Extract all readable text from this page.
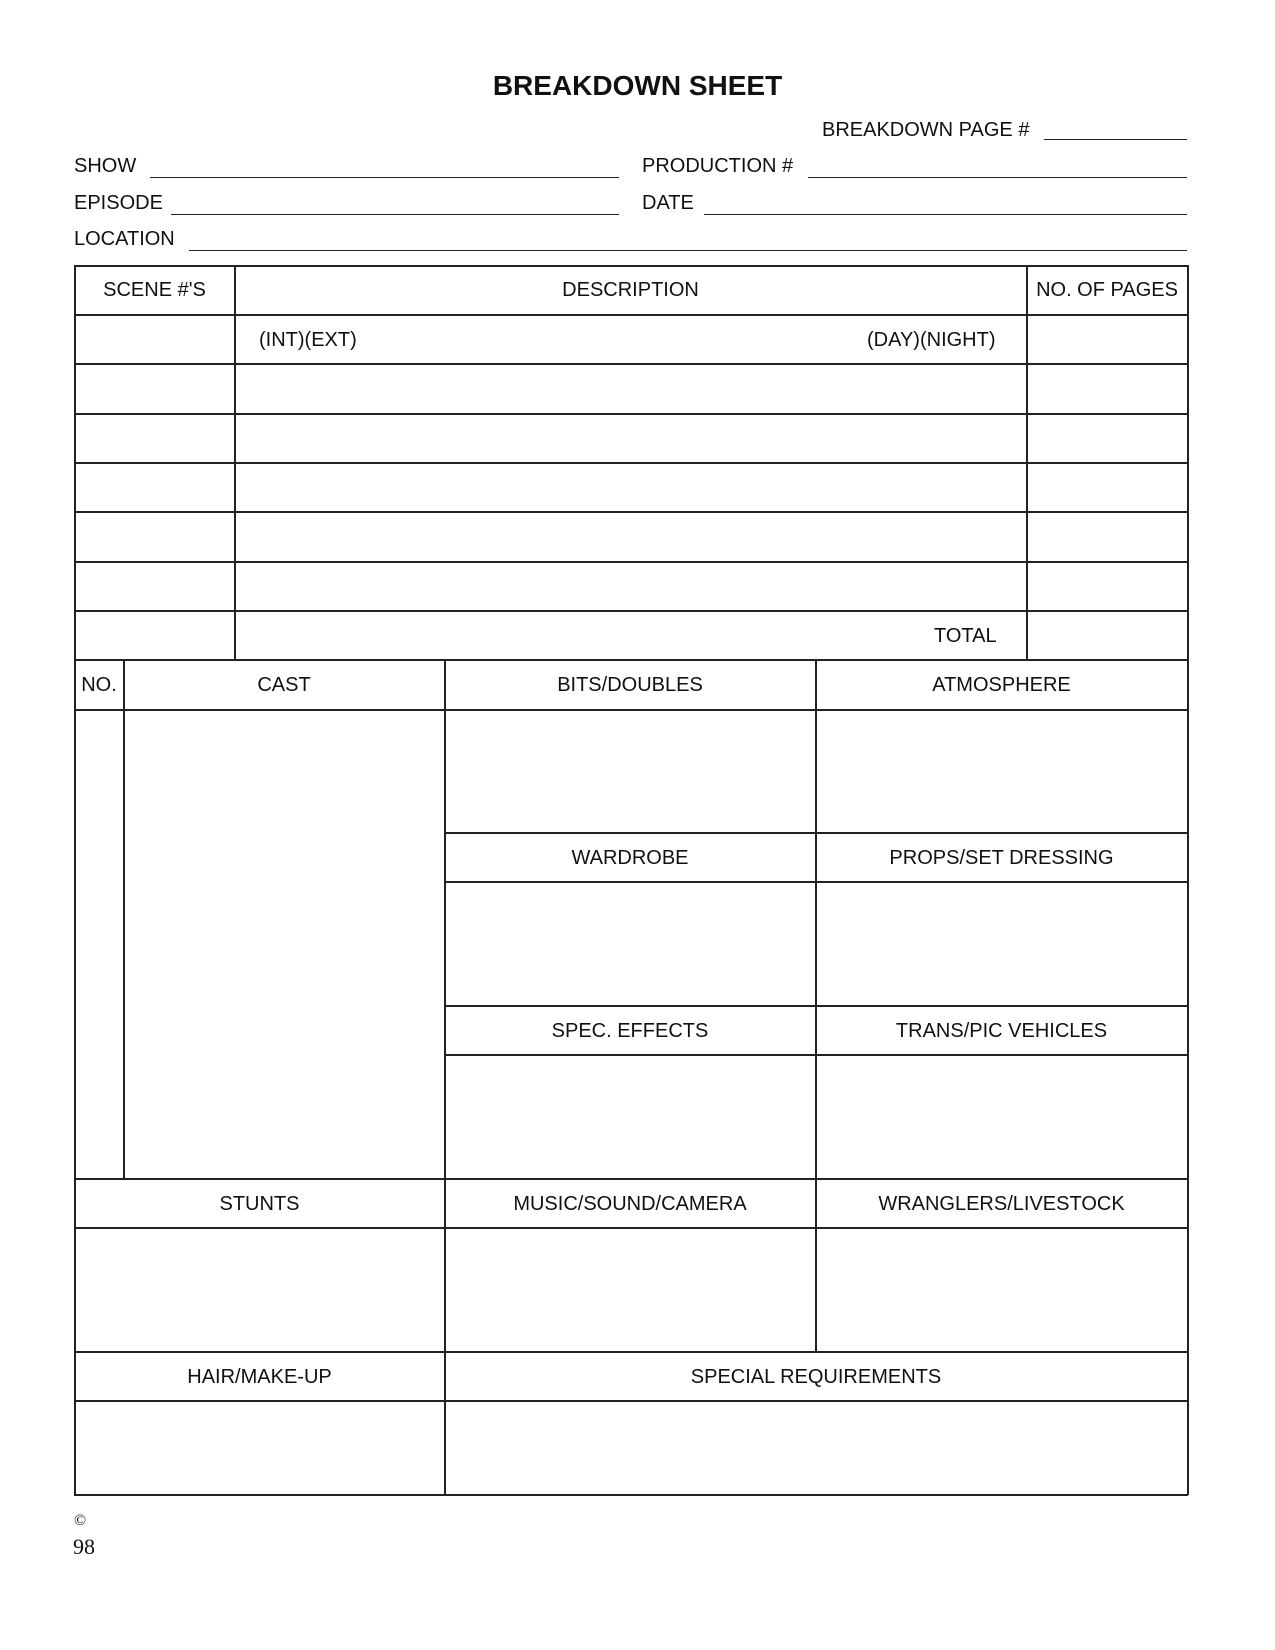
BREAKDOWN SHEET
BREAKDOWN PAGE #
SHOW	PRODUCTION #
EPISODE	DATE
LOCATION
SCENE #'S	DESCRIPTION	NO. OF PAGES
(INT)(EXT)	(DAY)(NIGHT)
TOTAL
NO.	CAST	BITS/DOUBLES	ATMOSPHERE
WARDROBE	PROPS/SET DRESSING
SPEC. EFFECTS	TRANS/PIC VEHICLES
STUNTS	MUSIC/SOUND/CAMERA	WRANGLERS/LIVESTOCK
HAIR/MAKE-UP	SPECIAL REQUIREMENTS
©
98
